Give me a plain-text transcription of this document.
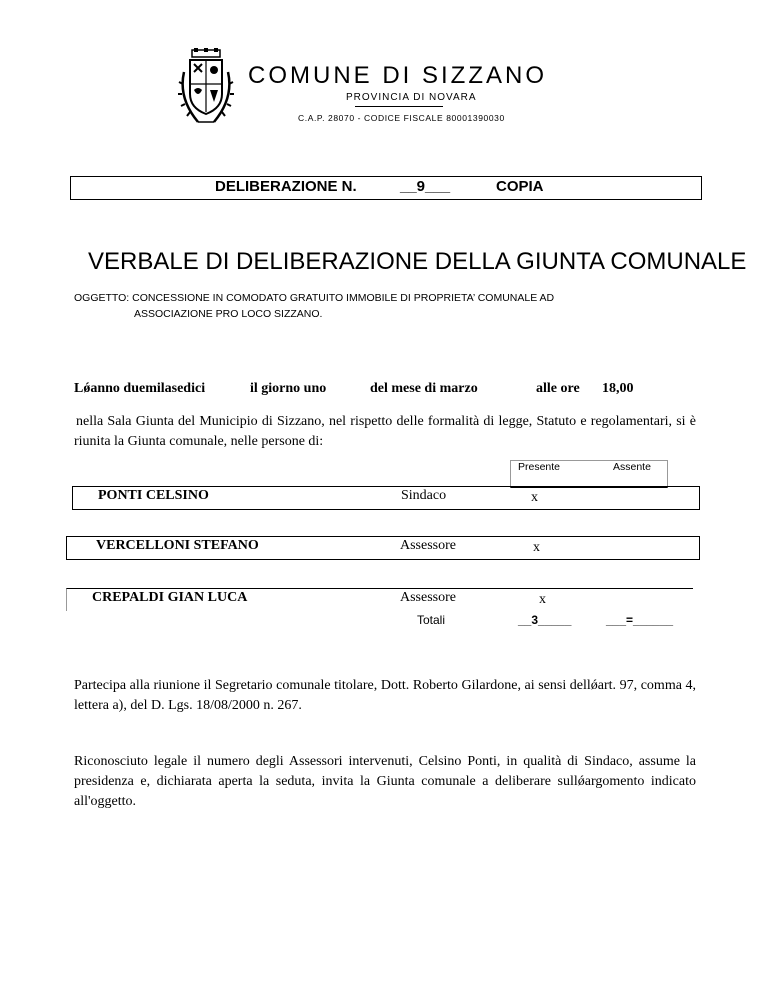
COMUNE DI SIZZANO
PROVINCIA DI NOVARA
C.A.P. 28070 - CODICE FISCALE 80001390030
DELIBERAZIONE N.	__9___	COPIA
VERBALE DI DELIBERAZIONE DELLA GIUNTA COMUNALE
OGGETTO: CONCESSIONE IN COMODATO GRATUITO IMMOBILE DI PROPRIETA’ COMUNALE AD
ASSOCIAZIONE PRO LOCO SIZZANO.
Lǿanno duemilasedici	il giorno uno	del mese di marzo	alle ore 18,00
nella Sala Giunta del Municipio di Sizzano, nel rispetto delle formalità di legge, Statuto e regolamentari, si è riunita la Giunta comunale, nelle persone di:
Presente	Assente
PONTI CELSINO	Sindaco	x
VERCELLONI STEFANO	Assessore	x
CREPALDI GIAN LUCA	Assessore	x
Totali	__3_____	___=______
Partecipa alla riunione il Segretario comunale titolare, Dott. Roberto Gilardone, ai sensi dellǿart. 97, comma 4, lettera a), del D. Lgs. 18/08/2000 n. 267.
Riconosciuto legale il numero degli Assessori intervenuti, Celsino Ponti, in qualità di Sindaco, assume la presidenza e, dichiarata aperta la seduta, invita la Giunta comunale a deliberare sullǿargomento indicato all'oggetto.
